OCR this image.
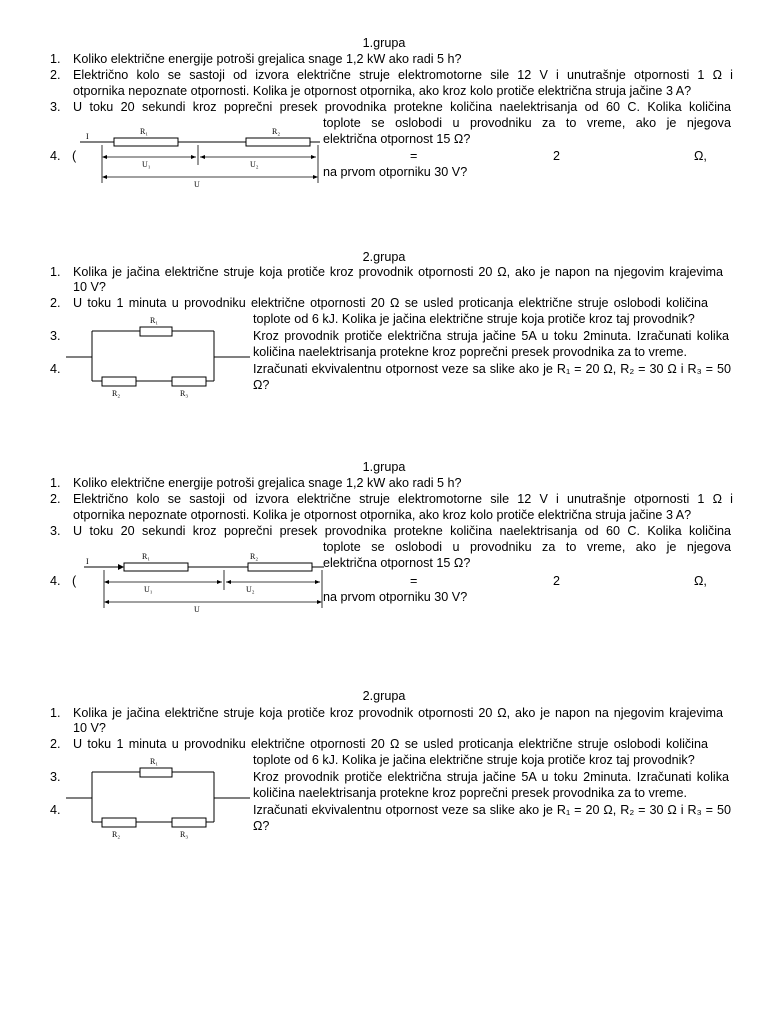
1.grupa
1. Koliko električne energije potroši grejalica snage 1,2 kW ako radi 5 h?
2. Električno kolo se sastoji od izvora električne struje elektromotorne sile 12 V i unutrašnje otpornosti 1 Ω i
otpornika nepoznate otpornosti. Kolika je otpornost otpornika, ako kroz kolo protiče električna struja jačine 3 A?
3. U toku 20 sekundi kroz poprečni presek provodnika protekne količina naelektrisanja od 60 C. Kolika količina
toplote se oslobodi u provodniku za to vreme, ako je njegova
električna otpornost 15 Ω?
4. (	=	2	Ω,
na prvom otporniku 30 V?
I
R₁	R₂
U₁	U₂
U
2.grupa
1. Kolika je jačina električne struje koja protiče kroz provodnik otpornosti 20 Ω, ako je napon na njegovim krajevima
10 V?
2. U toku 1 minuta u provodniku električne otpornosti 20 Ω se usled proticanja električne struje oslobodi količina
toplote od 6 kJ. Kolika je jačina električne struje koja protiče kroz taj provodnik?
3.	Kroz provodnik protiče električna struja jačine 5A u toku 2minuta. Izračunati kolika
količina naelektrisanja protekne kroz poprečni presek provodnika za to vreme.
4.	Izračunati ekvivalentnu otpornost veze sa slike ako je R₁ = 20 Ω, R₂ = 30 Ω i R₃ = 50
Ω?
R₁
R₂	R₃
1.grupa
1. Koliko električne energije potroši grejalica snage 1,2 kW ako radi 5 h?
2. Električno kolo se sastoji od izvora električne struje elektromotorne sile 12 V i unutrašnje otpornosti 1 Ω i
otpornika nepoznate otpornosti. Kolika je otpornost otpornika, ako kroz kolo protiče električna struja jačine 3 A?
3. U toku 20 sekundi kroz poprečni presek provodnika protekne količina naelektrisanja od 60 C. Kolika količina
toplote se oslobodi u provodniku za to vreme, ako je njegova
električna otpornost 15 Ω?
4. (	=	2	Ω,
na prvom otporniku 30 V?
I
R₁	R₂
U₁	U₂
U
2.grupa
1. Kolika je jačina električne struje koja protiče kroz provodnik otpornosti 20 Ω, ako je napon na njegovim krajevima
10 V?
2. U toku 1 minuta u provodniku električne otpornosti 20 Ω se usled proticanja električne struje oslobodi količina
toplote od 6 kJ. Kolika je jačina električne struje koja protiče kroz taj provodnik?
3.	Kroz provodnik protiče električna struja jačine 5A u toku 2minuta. Izračunati kolika
količina naelektrisanja protekne kroz poprečni presek provodnika za to vreme.
4.	Izračunati ekvivalentnu otpornost veze sa slike ako je R₁ = 20 Ω, R₂ = 30 Ω i R₃ = 50
Ω?
R₁
R₂	R₃
